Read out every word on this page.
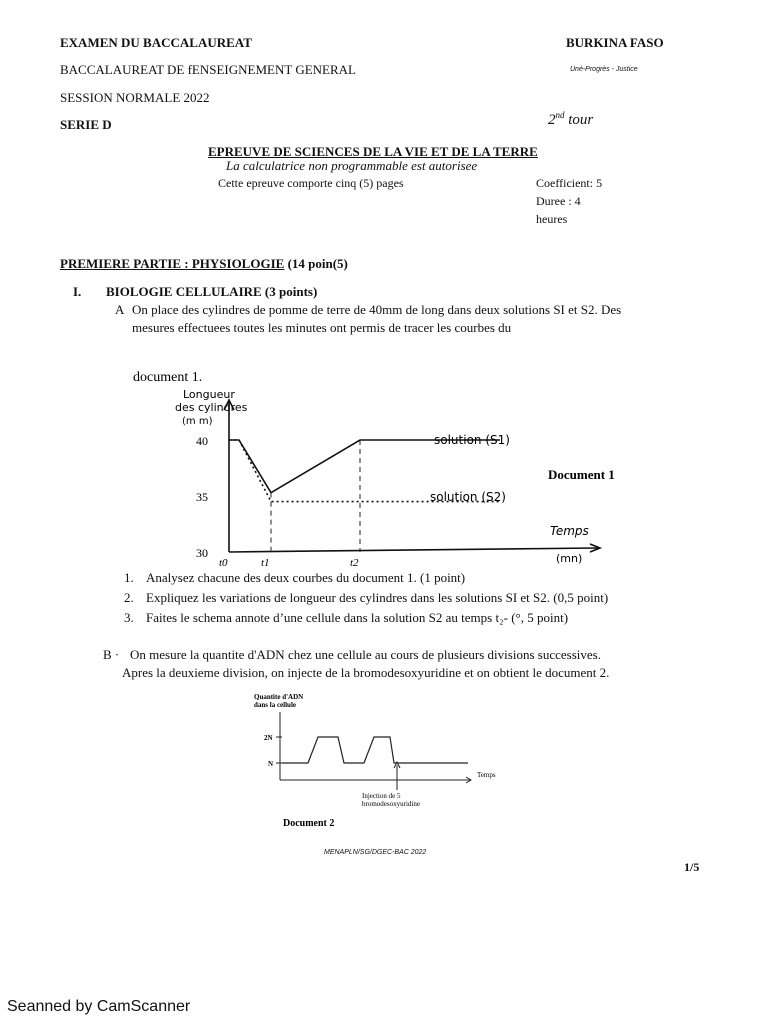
EXAMEN DU BACCALAUREAT	BURKINA FASO
BACCALAUREAT DE fENSEIGNEMENT GENERAL	Uné-Progrès - Justice
SESSION NORMALE 2022
SERIE D	2nd tour
EPREUVE DE SCIENCES DE LA VIE ET DE LA TERRE
La calculatrice non programmable est autorisee
Cette epreuve comporte cinq (5) pages	Coefficient: 5
Duree : 4
heures
PREMIERE PARTIE : PHYSIOLOGIE (14 poin(5)
I. BIOLOGIE CELLULAIRE (3 points)
A On place des cylindres de pomme de terre de 40mm de long dans deux solutions SI et S2. Des
mesures effectuees toutes les minutes ont permis de tracer les courbes du
document 1.
Document 1
Longueur
des cylindres
(m m)
Temps
(mn)
40
35
30
t0	t1	t2
solution (S1)
solution (S2)
1. Analysez chacune des deux courbes du document 1. (1 point)
2. Expliquez les variations de longueur des cylindres dans les solutions SI et S2. (0,5 point)
3. Faites le schema annote d’une cellule dans la solution S2 au temps t₂- (°, 5 point)
B · On mesure la quantite d'ADN chez une cellule au cours de plusieurs divisions successives.
Apres la deuxieme division, on injecte de la bromodesoxyuridine et on obtient le document 2.
Quantite d'ADN
dans la cellule
2N
N
Temps
Injection de 5
bromodesoxyuridine
Document 2
MENAPLN/SG/DGEC-BAC 2022
1/5
Seanned by CamScanner
